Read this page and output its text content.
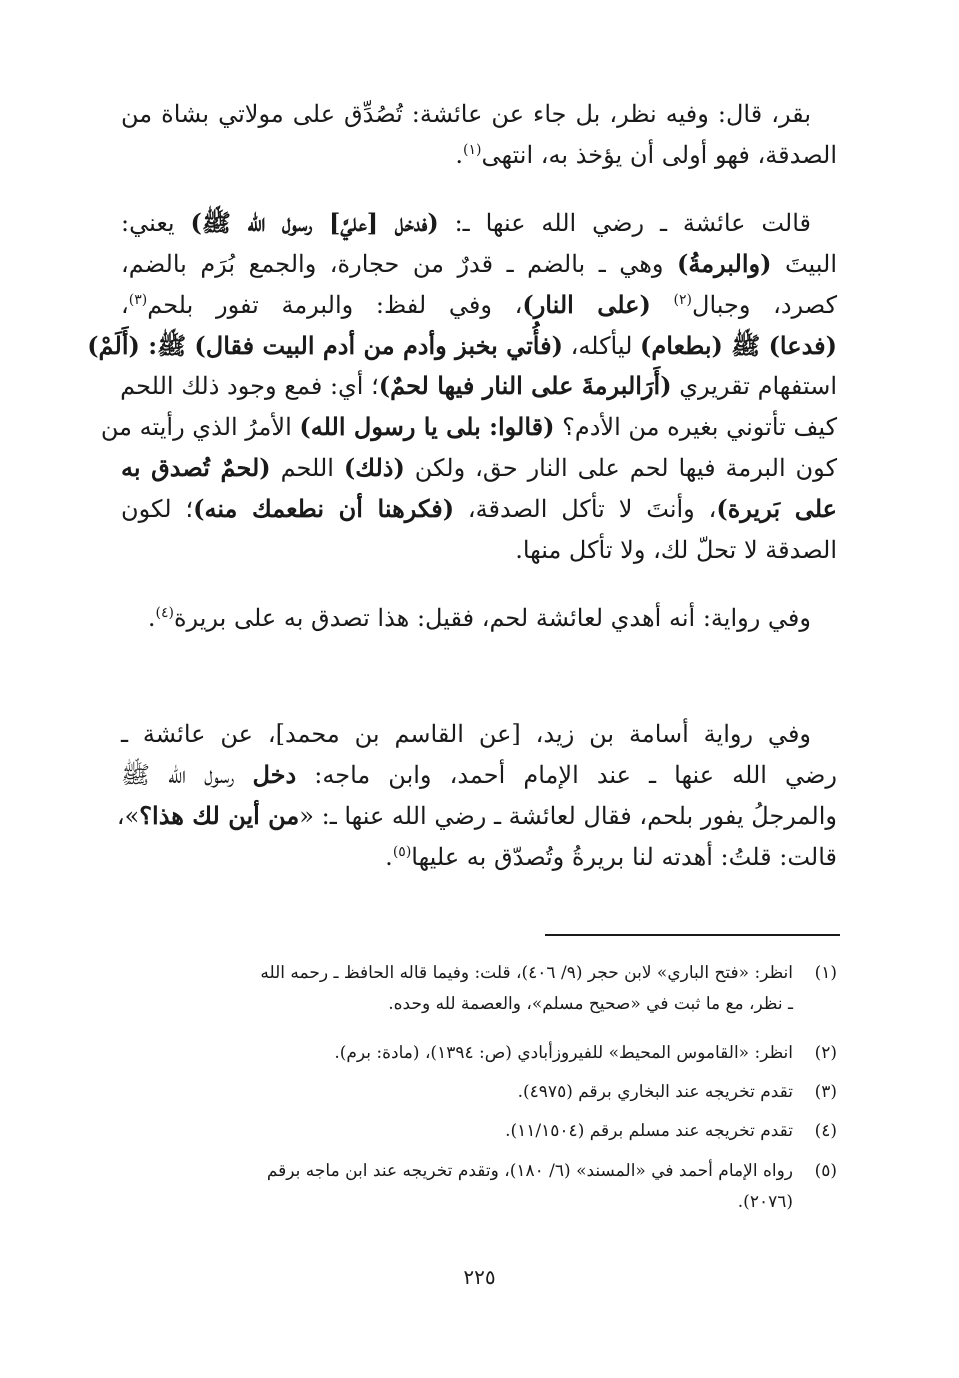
بقر، قال: وفيه نظر، بل جاء عن عائشة: تُصُدِّق على مولاتي بشاة من
الصدقة، فهو أولى أن يؤخذ به، انتهى$^{(١)}$.
قالت عائشة ـ رضي الله عنها ـ: (فدخل [عليَّ] رسول الله ﷺ) يعني:
البيتَ (والبرمةُ) وهي ـ بالضم ـ قدرٌ من حجارة، والجمع بُرَم بالضم،
كصرد، وجبال$^{(٢)}$ (على النار)، وفي لفظ: والبرمة تفور بلحم$^{(٣)}$،
(فدعا) ﷺ (بطعام) ليأكله، (فأُتي بخبز وأدم من أدم البيت فقال) ﷺ: (أَلَمْ)
استفهام تقريري (أَرَالبرمةَ على النار فيها لحمٌ)؛ أي: فمع وجود ذلك اللحم
كيف تأتوني بغيره من الأدم؟ (قالوا: بلى يا رسول الله) الأمرُ الذي رأيته من
كون البرمة فيها لحم على النار حق، ولكن (ذلك) اللحم (لحمٌ تُصدق به
على بَريرة)، وأنتَ لا تأكل الصدقة، (فكرهنا أن نطعمك منه)؛ لكون
الصدقة لا تحلّ لك، ولا تأكل منها.
وفي رواية: أنه أهدي لعائشة لحم، فقيل: هذا تصدق به على بريرة$^{(٤)}$.
وفي رواية أسامة بن زيد، [عن القاسم بن محمد]، عن عائشة ـ
رضي الله عنها ـ عند الإمام أحمد، وابن ماجه: دخل رسول الله ﷺ
والمرجلُ يفور بلحم، فقال لعائشة ـ رضي الله عنها ـ: «من أين لك هذا؟»،
قالت: قلتُ: أهدته لنا بريرةُ وتُصدّق به عليها$^{(٥)}$.
(١)انظر: «فتح الباري» لابن حجر (٩/ ٤٠٦)، قلت: وفيما قاله الحافظ ـ رحمه الله
ـ نظر، مع ما ثبت في «صحيح مسلم»، والعصمة لله وحده.
(٢)انظر: «القاموس المحيط» للفيروزأبادي (ص: ١٣٩٤)، (مادة: برم).
(٣)تقدم تخريجه عند البخاري برقم (٤٩٧٥).
(٤)تقدم تخريجه عند مسلم برقم (١١/١٥٠٤).
(٥)رواه الإمام أحمد في «المسند» (٦/ ١٨٠)، وتقدم تخريجه عند ابن ماجه برقم
(٢٠٧٦).
٢٢٥
